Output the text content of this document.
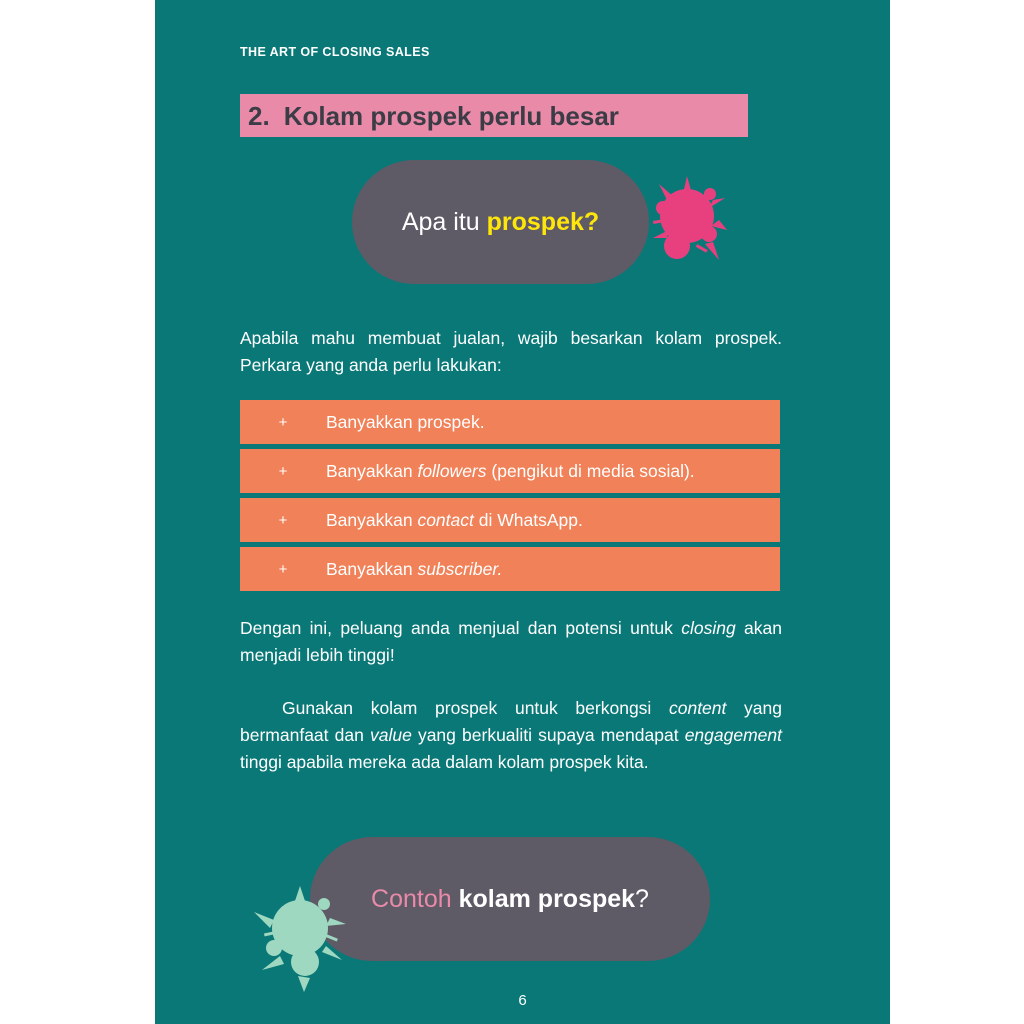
THE ART OF CLOSING SALES
2. Kolam prospek perlu besar
Apa itu prospek?
Apabila mahu membuat jualan, wajib besarkan kolam prospek. Perkara yang anda perlu lakukan:
+	Banyakkan prospek.
+	Banyakkan followers (pengikut di media sosial).
+	Banyakkan contact di WhatsApp.
+	Banyakkan subscriber.
Dengan ini, peluang anda menjual dan potensi untuk closing akan menjadi lebih tinggi!
Gunakan kolam prospek untuk berkongsi content yang bermanfaat dan value yang berkualiti supaya mendapat engagement tinggi apabila mereka ada dalam kolam prospek kita.
Contoh kolam prospek?
6
